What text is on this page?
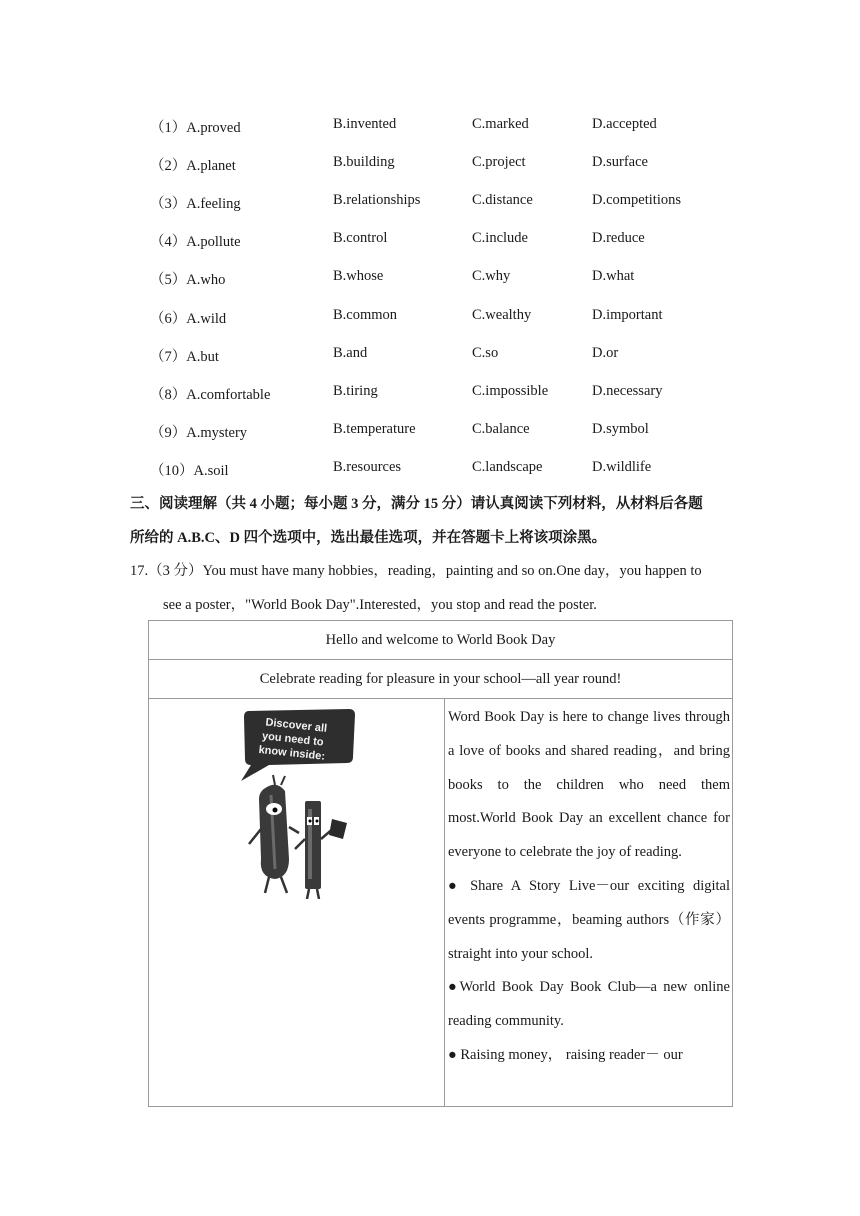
（1）A.proved	B.invented	C.marked	D.accepted
（2）A.planet	B.building	C.project	D.surface
（3）A.feeling	B.relationships	C.distance	D.competitions
（4）A.pollute	B.control	C.include	D.reduce
（5）A.who	B.whose	C.why	D.what
（6）A.wild	B.common	C.wealthy	D.important
（7）A.but	B.and	C.so	D.or
（8）A.comfortable	B.tiring	C.impossible	D.necessary
（9）A.mystery	B.temperature	C.balance	D.symbol
（10）A.soil	B.resources	C.landscape	D.wildlife
三、阅读理解（共 4 小题；每小题 3 分，满分 15 分）请认真阅读下列材料，从材料后各题
所给的 A.B.C、D 四个选项中，选出最佳选项，并在答题卡上将该项涂黑。
17.（3 分）You must have many hobbies，reading，painting and so on.One day，you happen to
see a poster，"World Book Day".Interested，you stop and read the poster.
Hello and welcome to World Book Day
Celebrate reading for pleasure in your school—all year round!

Discover all
you need to
know inside:

Word Book Day is here to change lives through a love of books and shared reading，and bring books to the children who need them most.World Book Day an excellent chance for everyone to celebrate the joy of reading.

● Share A Story Live－our exciting digital events programme，beaming authors（作家）straight into your school.

●World Book Day Book Club—a new online reading community.

● Raising money， raising reader－ our
